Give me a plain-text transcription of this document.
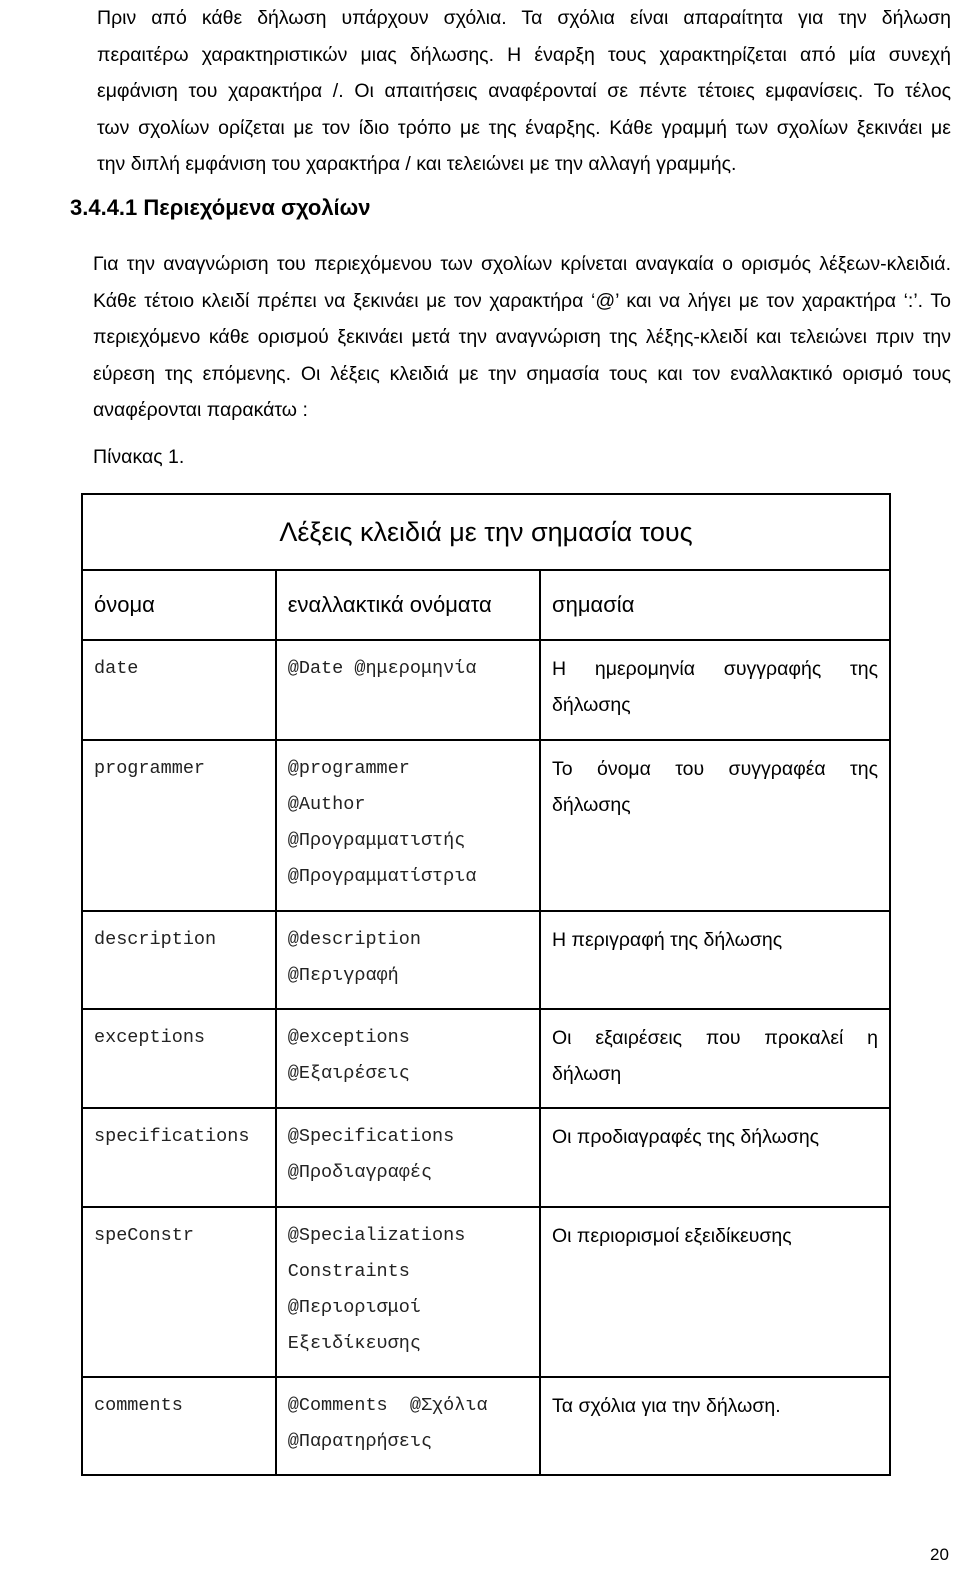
Πριν από κάθε δήλωση υπάρχουν σχόλια. Τα σχόλια είναι απαραίτητα για την δήλωση
περαιτέρω χαρακτηριστικών μιας δήλωσης. Η έναρξη τους χαρακτηρίζεται από μία συνεχή
εμφάνιση του χαρακτήρα /. Οι απαιτήσεις αναφέρονταί σε πέντε τέτοιες εμφανίσεις. Το τέλος
των σχολίων ορίζεται με τον ίδιο τρόπο με της έναρξης. Κάθε γραμμή των σχολίων ξεκινάει με
την διπλή εμφάνιση του χαρακτήρα / και τελειώνει με την αλλαγή γραμμής.
3.4.4.1 Περιεχόμενα σχολίων
Για την αναγνώριση του περιεχόμενου των σχολίων κρίνεται αναγκαία ο ορισμός λέξεων-κλειδιά.
Κάθε τέτοιο κλειδί πρέπει να ξεκινάει με τον χαρακτήρα ‘@’ και να λήγει με τον χαρακτήρα ‘:’. Το
περιεχόμενο κάθε ορισμού ξεκινάει μετά την αναγνώριση της λέξης-κλειδί και τελειώνει πριν την
εύρεση της επόμενης. Οι λέξεις κλειδιά με την σημασία τους και τον εναλλακτικό ορισμό τους
αναφέρονται παρακάτω :
Πίνακας 1.
Λέξεις κλειδιά με την σημασία τους		
όνομα	εναλλακτικά ονόματα	σημασία

date	@Date @ημερομηνία	Η ημερομηνία συγγραφής της
δήλωσης

programmer	@programmer
@Author
@Προγραμματιστής
@Προγραμματίστρια	Το όνομα του συγγραφέα της
δήλωσης

description	@description
@Περιγραφή	Η περιγραφή της δήλωσης

exceptions	@exceptions
@Εξαιρέσεις	Οι εξαιρέσεις που προκαλεί η
δήλωση

specifications	@Specifications
@Προδιαγραφές	Οι προδιαγραφές της δήλωσης

speConstr	@Specializations
Constraints
@Περιορισμοί
Εξειδίκευσης	Οι περιορισμοί εξειδίκευσης

comments	@Comments  @Σχόλια
@Παρατηρήσεις	Τα σχόλια για την δήλωση.
20
